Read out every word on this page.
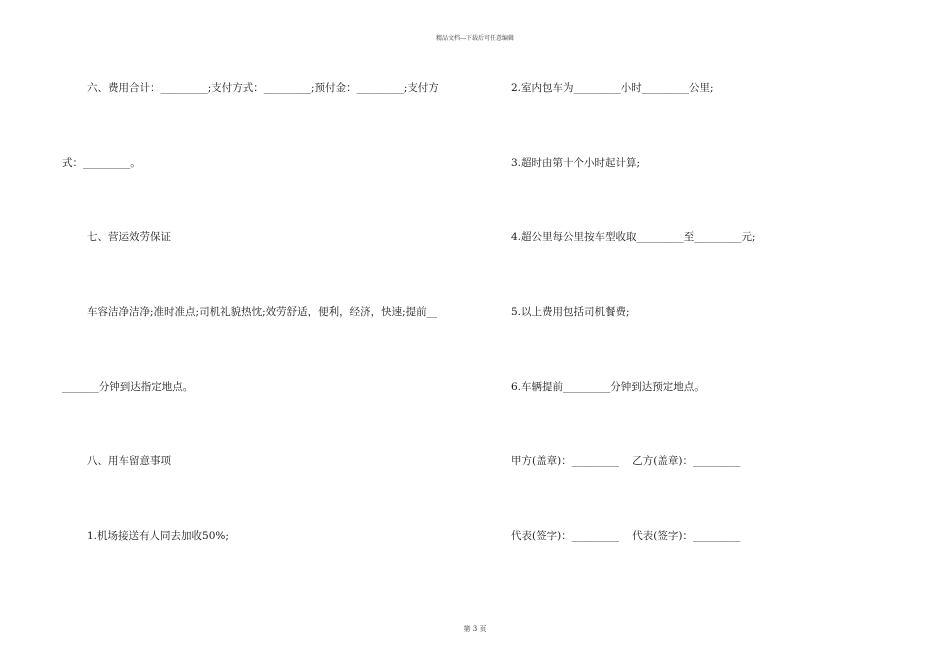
精品文档---下载后可任意编辑
六、费用合计：_________;支付方式：_________;预付金：_________;支付方
式：_________。
七、营运效劳保证
车容洁净洁净;准时准点;司机礼貌热忱;效劳舒适，便利，经济，快速;提前__
_______分钟到达指定地点。
八、用车留意事项
1.机场接送有人同去加收50%;
2.室内包车为_________小时_________公里;
3.超时由第十个小时起计算;
4.超公里每公里按车型收取_________至_________元;
5.以上费用包括司机餐费;
6.车辆提前_________分钟到达预定地点。
甲方(盖章)：_________    乙方(盖章)：_________
代表(签字)：_________    代表(签字)：_________
第 3 页
